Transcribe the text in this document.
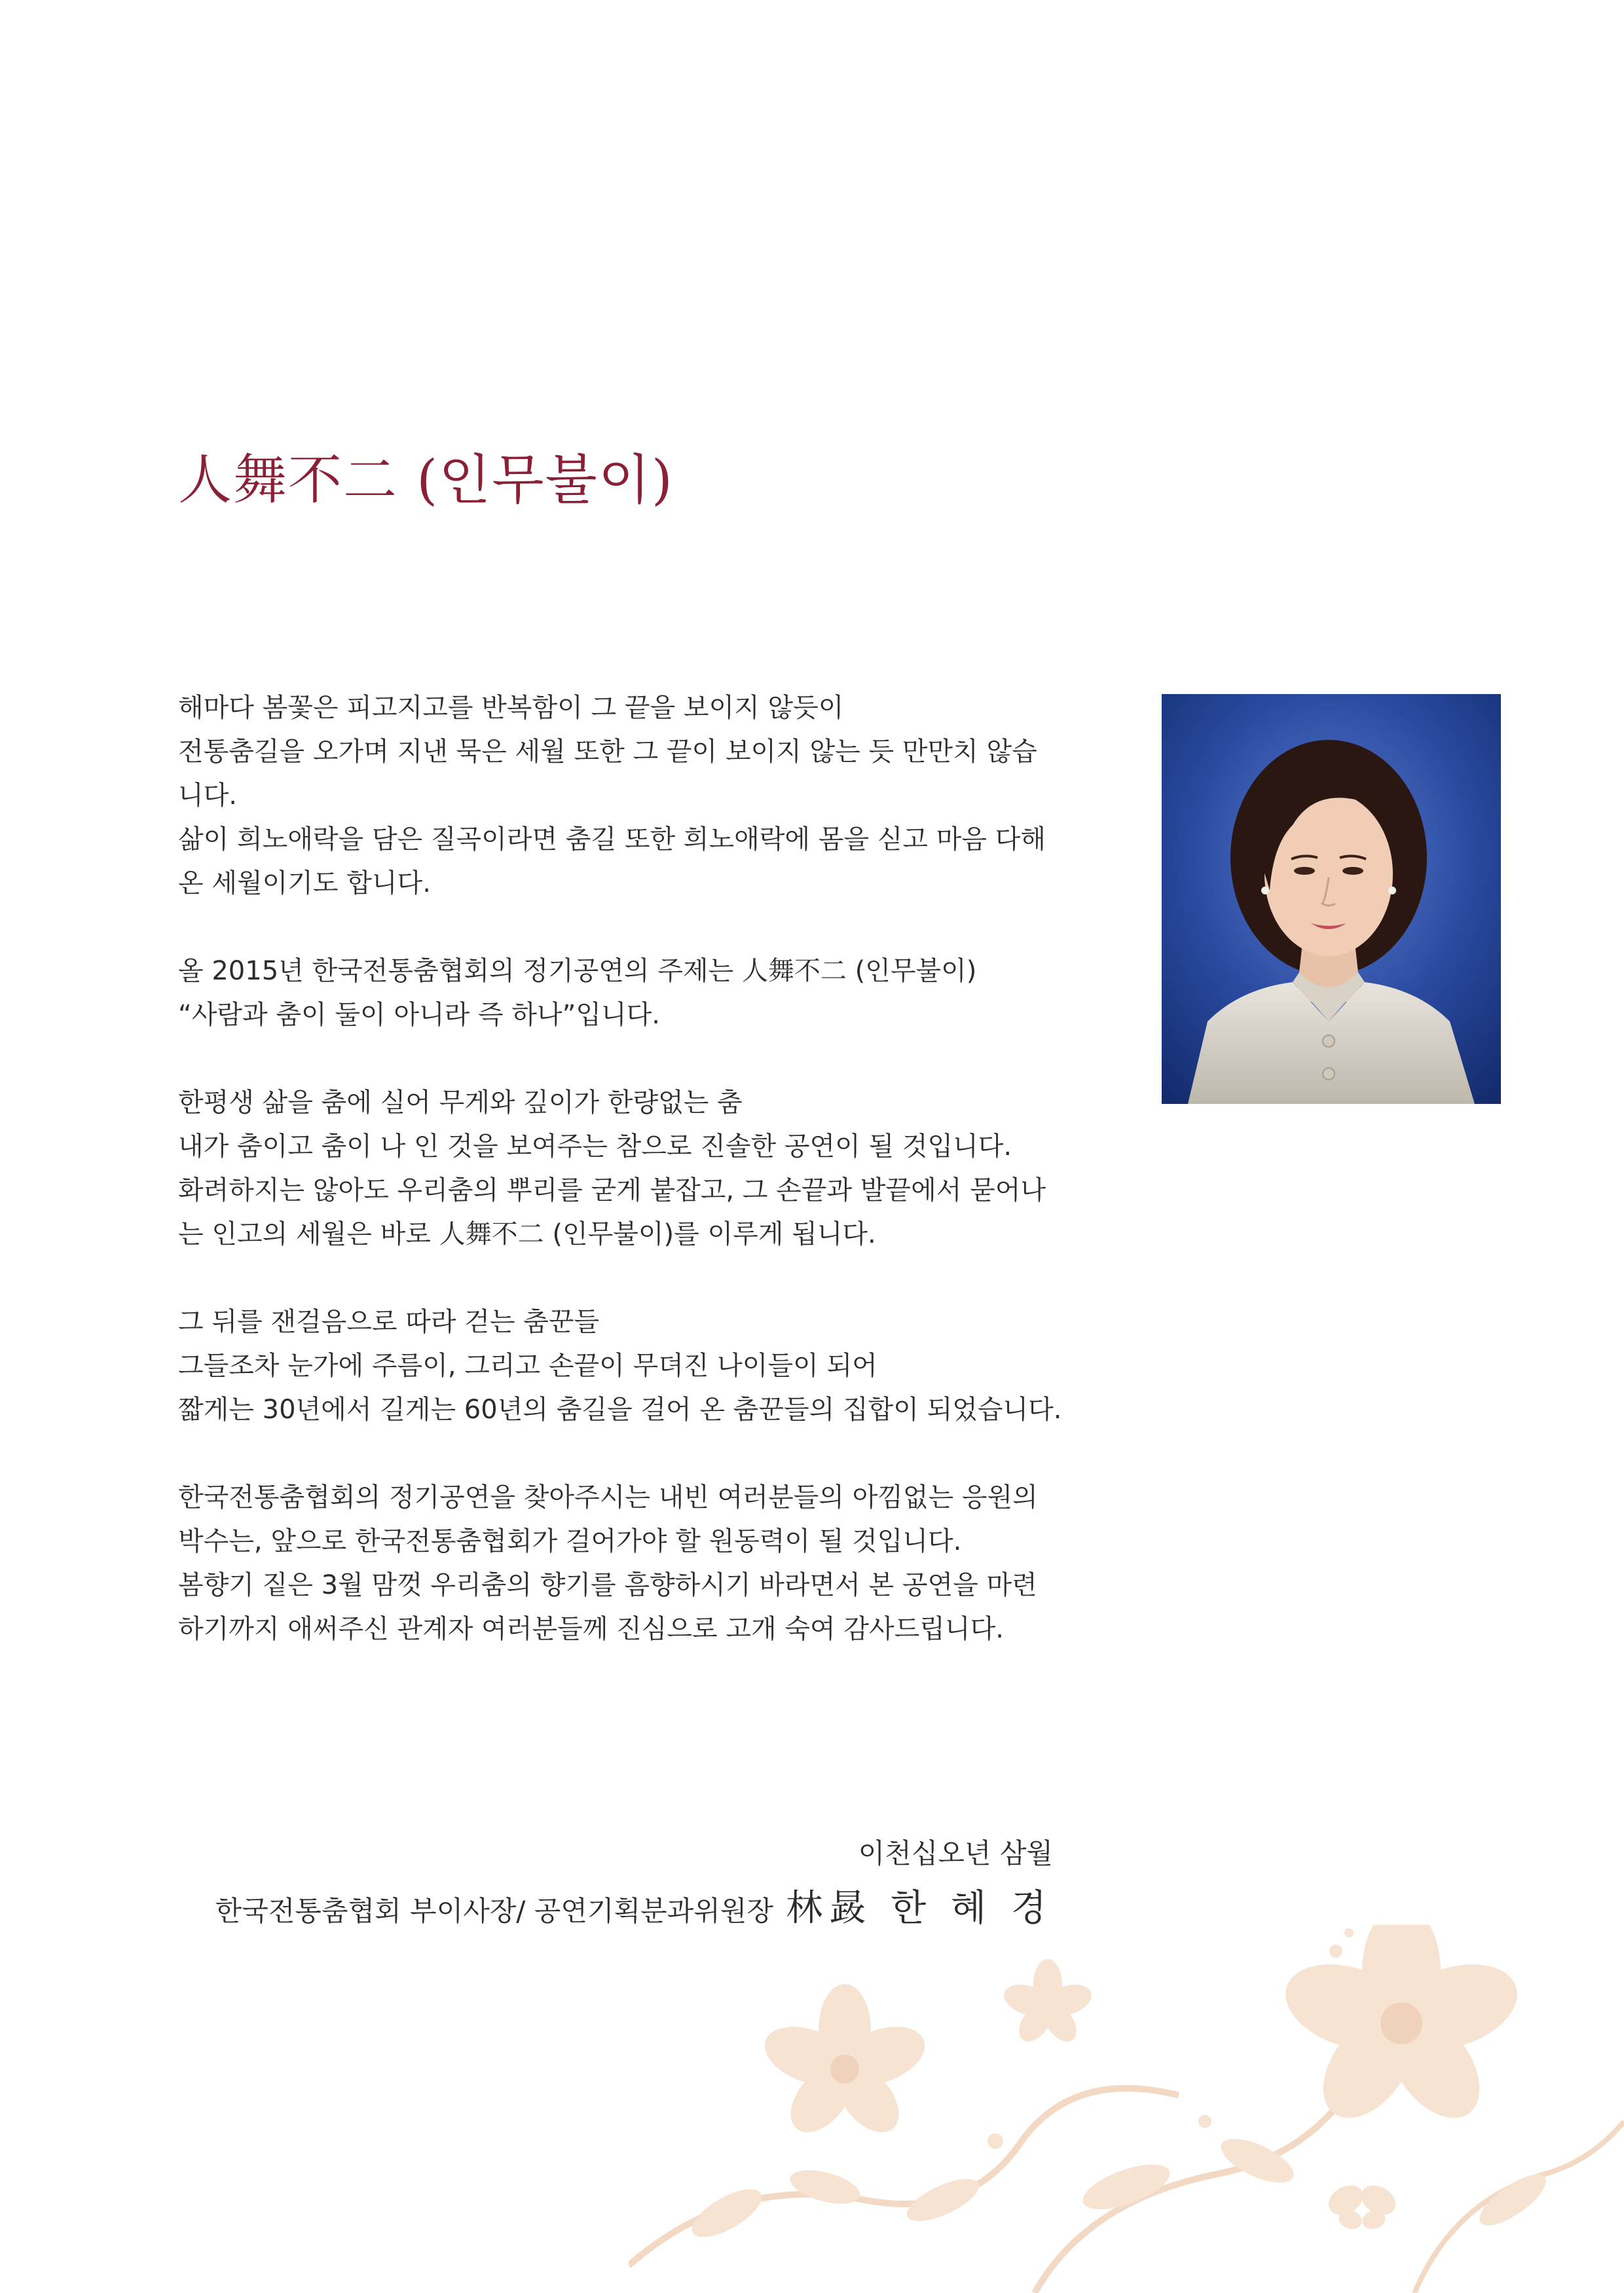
人舞不二 (인무불이)

해마다 봄꽃은 피고지고를 반복함이 그 끝을 보이지 않듯이
전통춤길을 오가며 지낸 묵은 세월 또한 그 끝이 보이지 않는 듯 만만치 않습
니다.
삶이 희노애락을 담은 질곡이라면 춤길 또한 희노애락에 몸을 싣고 마음 다해
온 세월이기도 합니다.

올 2015년 한국전통춤협회의 정기공연의 주제는 人舞不二 (인무불이)
“사람과 춤이 둘이 아니라 즉 하나”입니다.

한평생 삶을 춤에 실어 무게와 깊이가 한량없는 춤
내가 춤이고 춤이 나 인 것을 보여주는 참으로 진솔한 공연이 될 것입니다.
화려하지는 않아도 우리춤의 뿌리를 굳게 붙잡고, 그 손끝과 발끝에서 묻어나
는 인고의 세월은 바로 人舞不二 (인무불이)를 이루게 됩니다.

그 뒤를 잰걸음으로 따라 걷는 춤꾼들
그들조차 눈가에 주름이, 그리고 손끝이 무뎌진 나이들이 되어
짧게는 30년에서 길게는 60년의 춤길을 걸어 온 춤꾼들의 집합이 되었습니다.

한국전통춤협회의 정기공연을 찾아주시는 내빈 여러분들의 아낌없는 응원의
박수는, 앞으로 한국전통춤협회가 걸어가야 할 원동력이 될 것입니다.
봄향기 짙은 3월 맘껏 우리춤의 향기를 흠향하시기 바라면서 본 공연을 마련
하기까지 애써주신 관계자 여러분들께 진심으로 고개 숙여 감사드립니다.

이천십오년 삼월
한국전통춤협회 부이사장/ 공연기획분과위원장 林晸 한 혜 경
